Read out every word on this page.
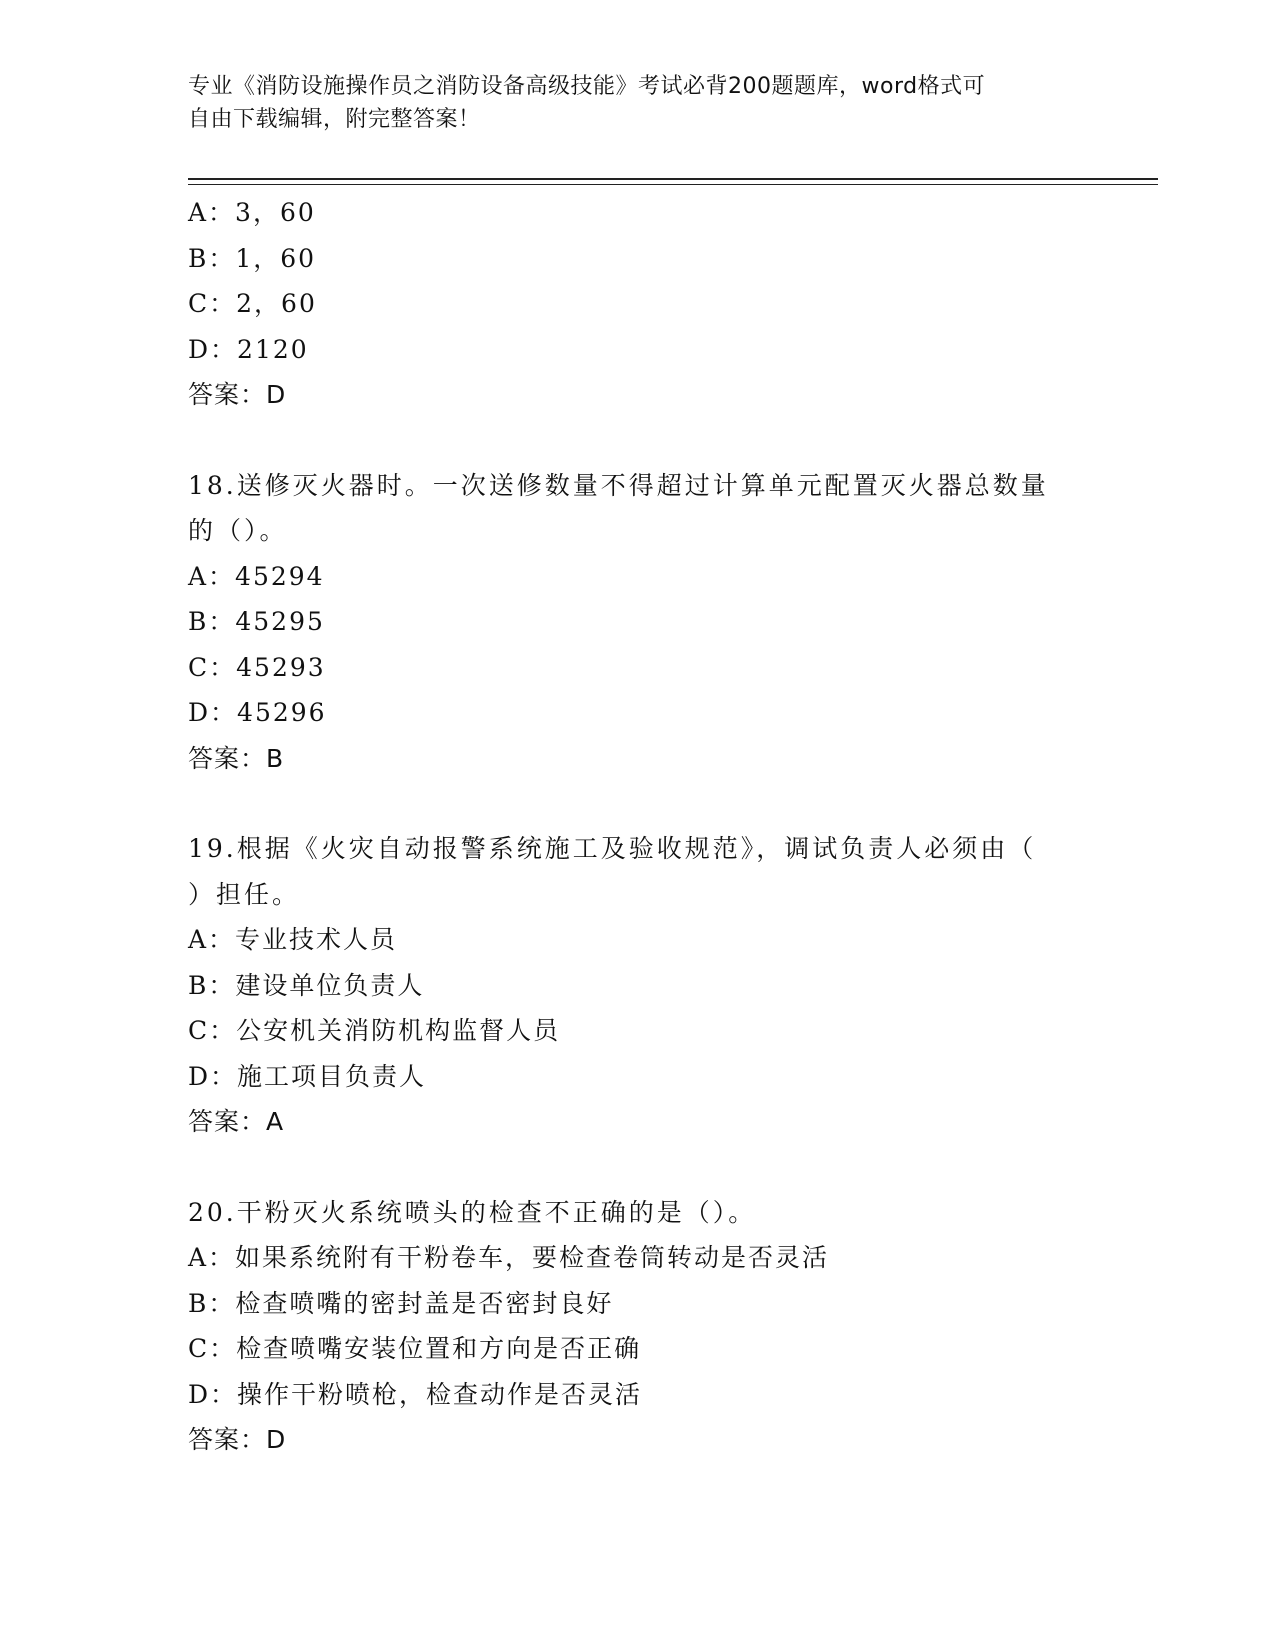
专业《消防设施操作员之消防设备高级技能》考试必背200题题库，word格式可
自由下载编辑，附完整答案！
A：3，60
B：1，60
C：2，60
D：2120
答案：D
18.送修灭火器时。一次送修数量不得超过计算单元配置灭火器总数量
的（）。
A：45294
B：45295
C：45293
D：45296
答案：B
19.根据《火灾自动报警系统施工及验收规范》，调试负责人必须由（
）担任。
A：专业技术人员
B：建设单位负责人
C：公安机关消防机构监督人员
D：施工项目负责人
答案：A
20.干粉灭火系统喷头的检查不正确的是（）。
A：如果系统附有干粉卷车，要检查卷筒转动是否灵活
B：检查喷嘴的密封盖是否密封良好
C：检查喷嘴安装位置和方向是否正确
D：操作干粉喷枪，检查动作是否灵活
答案：D
